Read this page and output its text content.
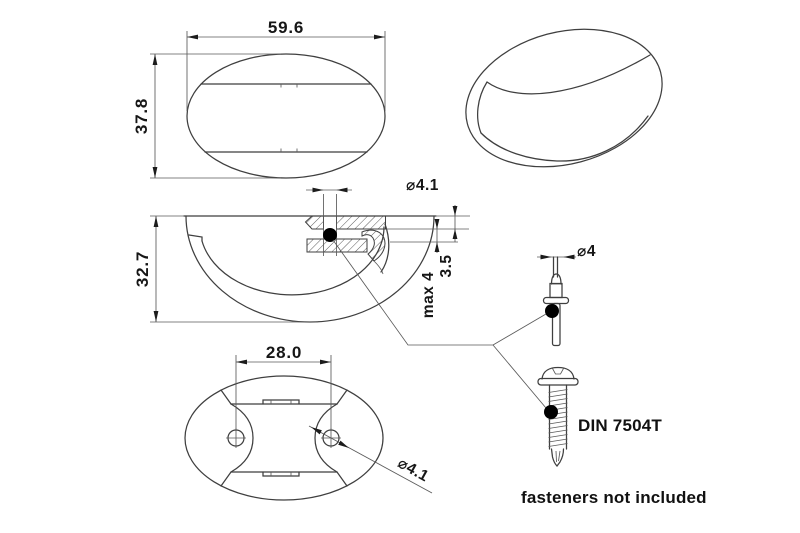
59.6
37.8
⌀4.1
3.5
max 4
32.7
28.0
⌀4.1
⌀4
DIN 7504T
fasteners not included
